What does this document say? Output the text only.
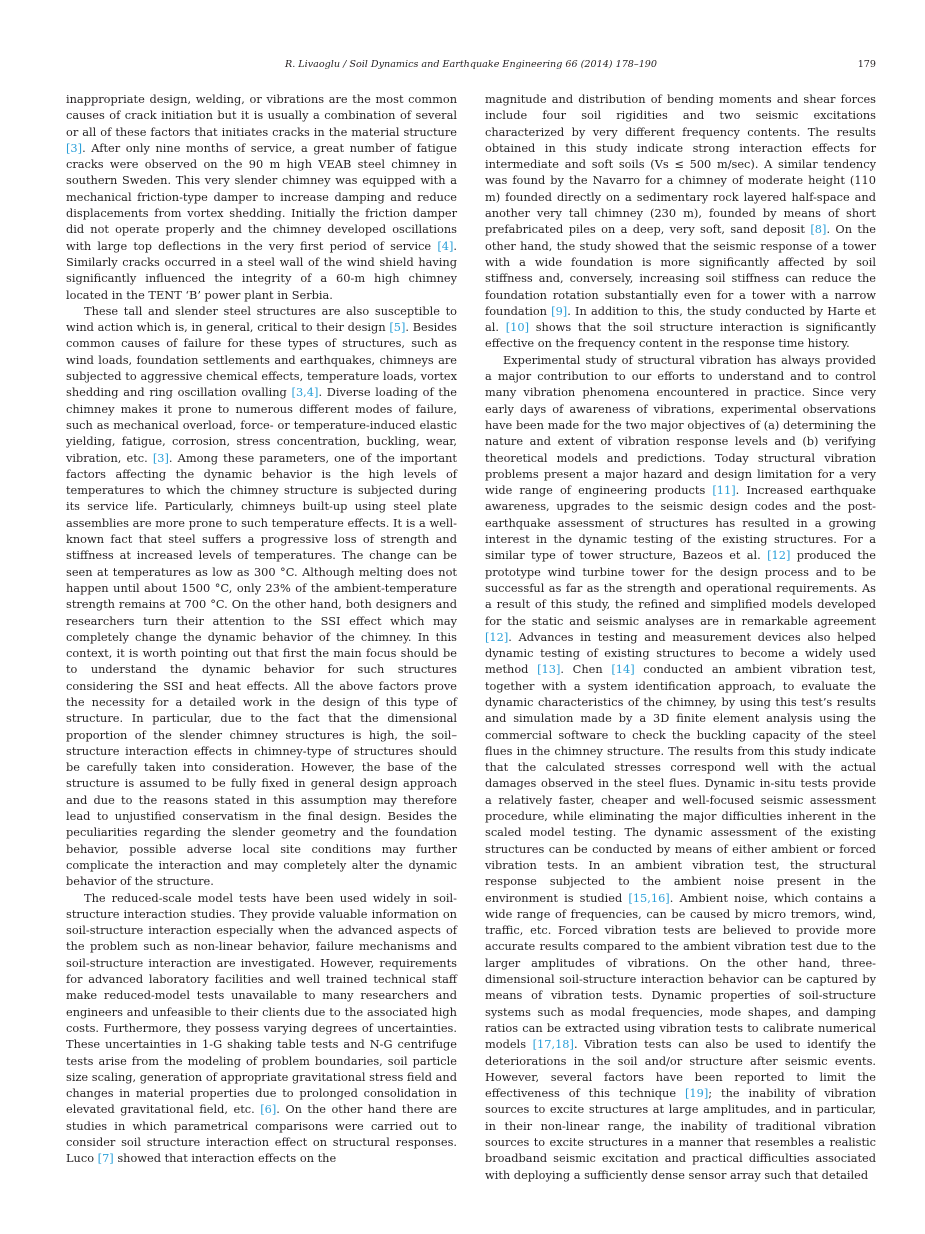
R. Livaoglu / Soil Dynamics and Earthquake Engineering 66 (2014) 178–190	179

inappropriate design, welding, or vibrations are the most common causes of crack initiation but it is usually a combination of several or all of these factors that initiates cracks in the material structure [3]. After only nine months of service, a great number of fatigue cracks were observed on the 90 m high VEAB steel chimney in southern Sweden. This very slender chimney was equipped with a mechanical friction-type damper to increase damping and reduce displacements from vortex shedding. Initially the friction damper did not operate properly and the chimney developed oscillations with large top deflections in the very first period of service [4]. Similarly cracks occurred in a steel wall of the wind shield having significantly influenced the integrity of a 60-m high chimney located in the TENT ‘B’ power plant in Serbia.

These tall and slender steel structures are also susceptible to wind action which is, in general, critical to their design [5]. Besides common causes of failure for these types of structures, such as wind loads, foundation settlements and earthquakes, chimneys are subjected to aggressive chemical effects, temperature loads, vortex shedding and ring oscillation ovalling [3,4]. Diverse loading of the chimney makes it prone to numerous different modes of failure, such as mechanical overload, force- or temperature-induced elastic yielding, fatigue, corrosion, stress concentration, buckling, wear, vibration, etc. [3]. Among these parameters, one of the important factors affecting the dynamic behavior is the high levels of temperatures to which the chimney structure is subjected during its service life. Particularly, chimneys built-up using steel plate assemblies are more prone to such temperature effects. It is a well-known fact that steel suffers a progressive loss of strength and stiffness at increased levels of temperatures. The change can be seen at temperatures as low as 300 °C. Although melting does not happen until about 1500 °C, only 23% of the ambient-temperature strength remains at 700 °C. On the other hand, both designers and researchers turn their attention to the SSI effect which may completely change the dynamic behavior of the chimney. In this context, it is worth pointing out that first the main focus should be to understand the dynamic behavior for such structures considering the SSI and heat effects. All the above factors prove the necessity for a detailed work in the design of this type of structure. In particular, due to the fact that the dimensional proportion of the slender chimney structures is high, the soil–structure interaction effects in chimney-type of structures should be carefully taken into consideration. However, the base of the structure is assumed to be fully fixed in general design approach and due to the reasons stated in this assumption may therefore lead to unjustified conservatism in the final design. Besides the peculiarities regarding the slender geometry and the foundation behavior, possible adverse local site conditions may further complicate the interaction and may completely alter the dynamic behavior of the structure.

The reduced-scale model tests have been used widely in soil-structure interaction studies. They provide valuable information on soil-structure interaction especially when the advanced aspects of the problem such as non-linear behavior, failure mechanisms and soil-structure interaction are investigated. However, requirements for advanced laboratory facilities and well trained technical staff make reduced-model tests unavailable to many researchers and engineers and unfeasible to their clients due to the associated high costs. Furthermore, they possess varying degrees of uncertainties. These uncertainties in 1-G shaking table tests and N-G centrifuge tests arise from the modeling of problem boundaries, soil particle size scaling, generation of appropriate gravitational stress field and changes in material properties due to prolonged consolidation in elevated gravitational field, etc. [6]. On the other hand there are studies in which parametrical comparisons were carried out to consider soil structure interaction effect on structural responses. Luco [7] showed that interaction effects on the

magnitude and distribution of bending moments and shear forces include four soil rigidities and two seismic excitations characterized by very different frequency contents. The results obtained in this study indicate strong interaction effects for intermediate and soft soils (Vs ≤ 500 m/sec). A similar tendency was found by the Navarro for a chimney of moderate height (110 m) founded directly on a sedimentary rock layered half-space and another very tall chimney (230 m), founded by means of short prefabricated piles on a deep, very soft, sand deposit [8]. On the other hand, the study showed that the seismic response of a tower with a wide foundation is more significantly affected by soil stiffness and, conversely, increasing soil stiffness can reduce the foundation rotation substantially even for a tower with a narrow foundation [9]. In addition to this, the study conducted by Harte et al. [10] shows that the soil structure interaction is significantly effective on the frequency content in the response time history.

Experimental study of structural vibration has always provided a major contribution to our efforts to understand and to control many vibration phenomena encountered in practice. Since very early days of awareness of vibrations, experimental observations have been made for the two major objectives of (a) determining the nature and extent of vibration response levels and (b) verifying theoretical models and predictions. Today structural vibration problems present a major hazard and design limitation for a very wide range of engineering products [11]. Increased earthquake awareness, upgrades to the seismic design codes and the post-earthquake assessment of structures has resulted in a growing interest in the dynamic testing of the existing structures. For a similar type of tower structure, Bazeos et al. [12] produced the prototype wind turbine tower for the design process and to be successful as far as the strength and operational requirements. As a result of this study, the refined and simplified models developed for the static and seismic analyses are in remarkable agreement [12]. Advances in testing and measurement devices also helped dynamic testing of existing structures to become a widely used method [13]. Chen [14] conducted an ambient vibration test, together with a system identification approach, to evaluate the dynamic characteristics of the chimney, by using this test’s results and simulation made by a 3D finite element analysis using the commercial software to check the buckling capacity of the steel flues in the chimney structure. The results from this study indicate that the calculated stresses correspond well with the actual damages observed in the steel flues. Dynamic in-situ tests provide a relatively faster, cheaper and well-focused seismic assessment procedure, while eliminating the major difficulties inherent in the scaled model testing. The dynamic assessment of the existing structures can be conducted by means of either ambient or forced vibration tests. In an ambient vibration test, the structural response subjected to the ambient noise present in the environment is studied [15,16]. Ambient noise, which contains a wide range of frequencies, can be caused by micro tremors, wind, traffic, etc. Forced vibration tests are believed to provide more accurate results compared to the ambient vibration test due to the larger amplitudes of vibrations. On the other hand, three-dimensional soil-structure interaction behavior can be captured by means of vibration tests. Dynamic properties of soil-structure systems such as modal frequencies, mode shapes, and damping ratios can be extracted using vibration tests to calibrate numerical models [17,18]. Vibration tests can also be used to identify the deteriorations in the soil and/or structure after seismic events. However, several factors have been reported to limit the effectiveness of this technique [19]; the inability of vibration sources to excite structures at large amplitudes, and in particular, in their non-linear range, the inability of traditional vibration sources to excite structures in a manner that resembles a realistic broadband seismic excitation and practical difficulties associated with deploying a sufficiently dense sensor array such that detailed
